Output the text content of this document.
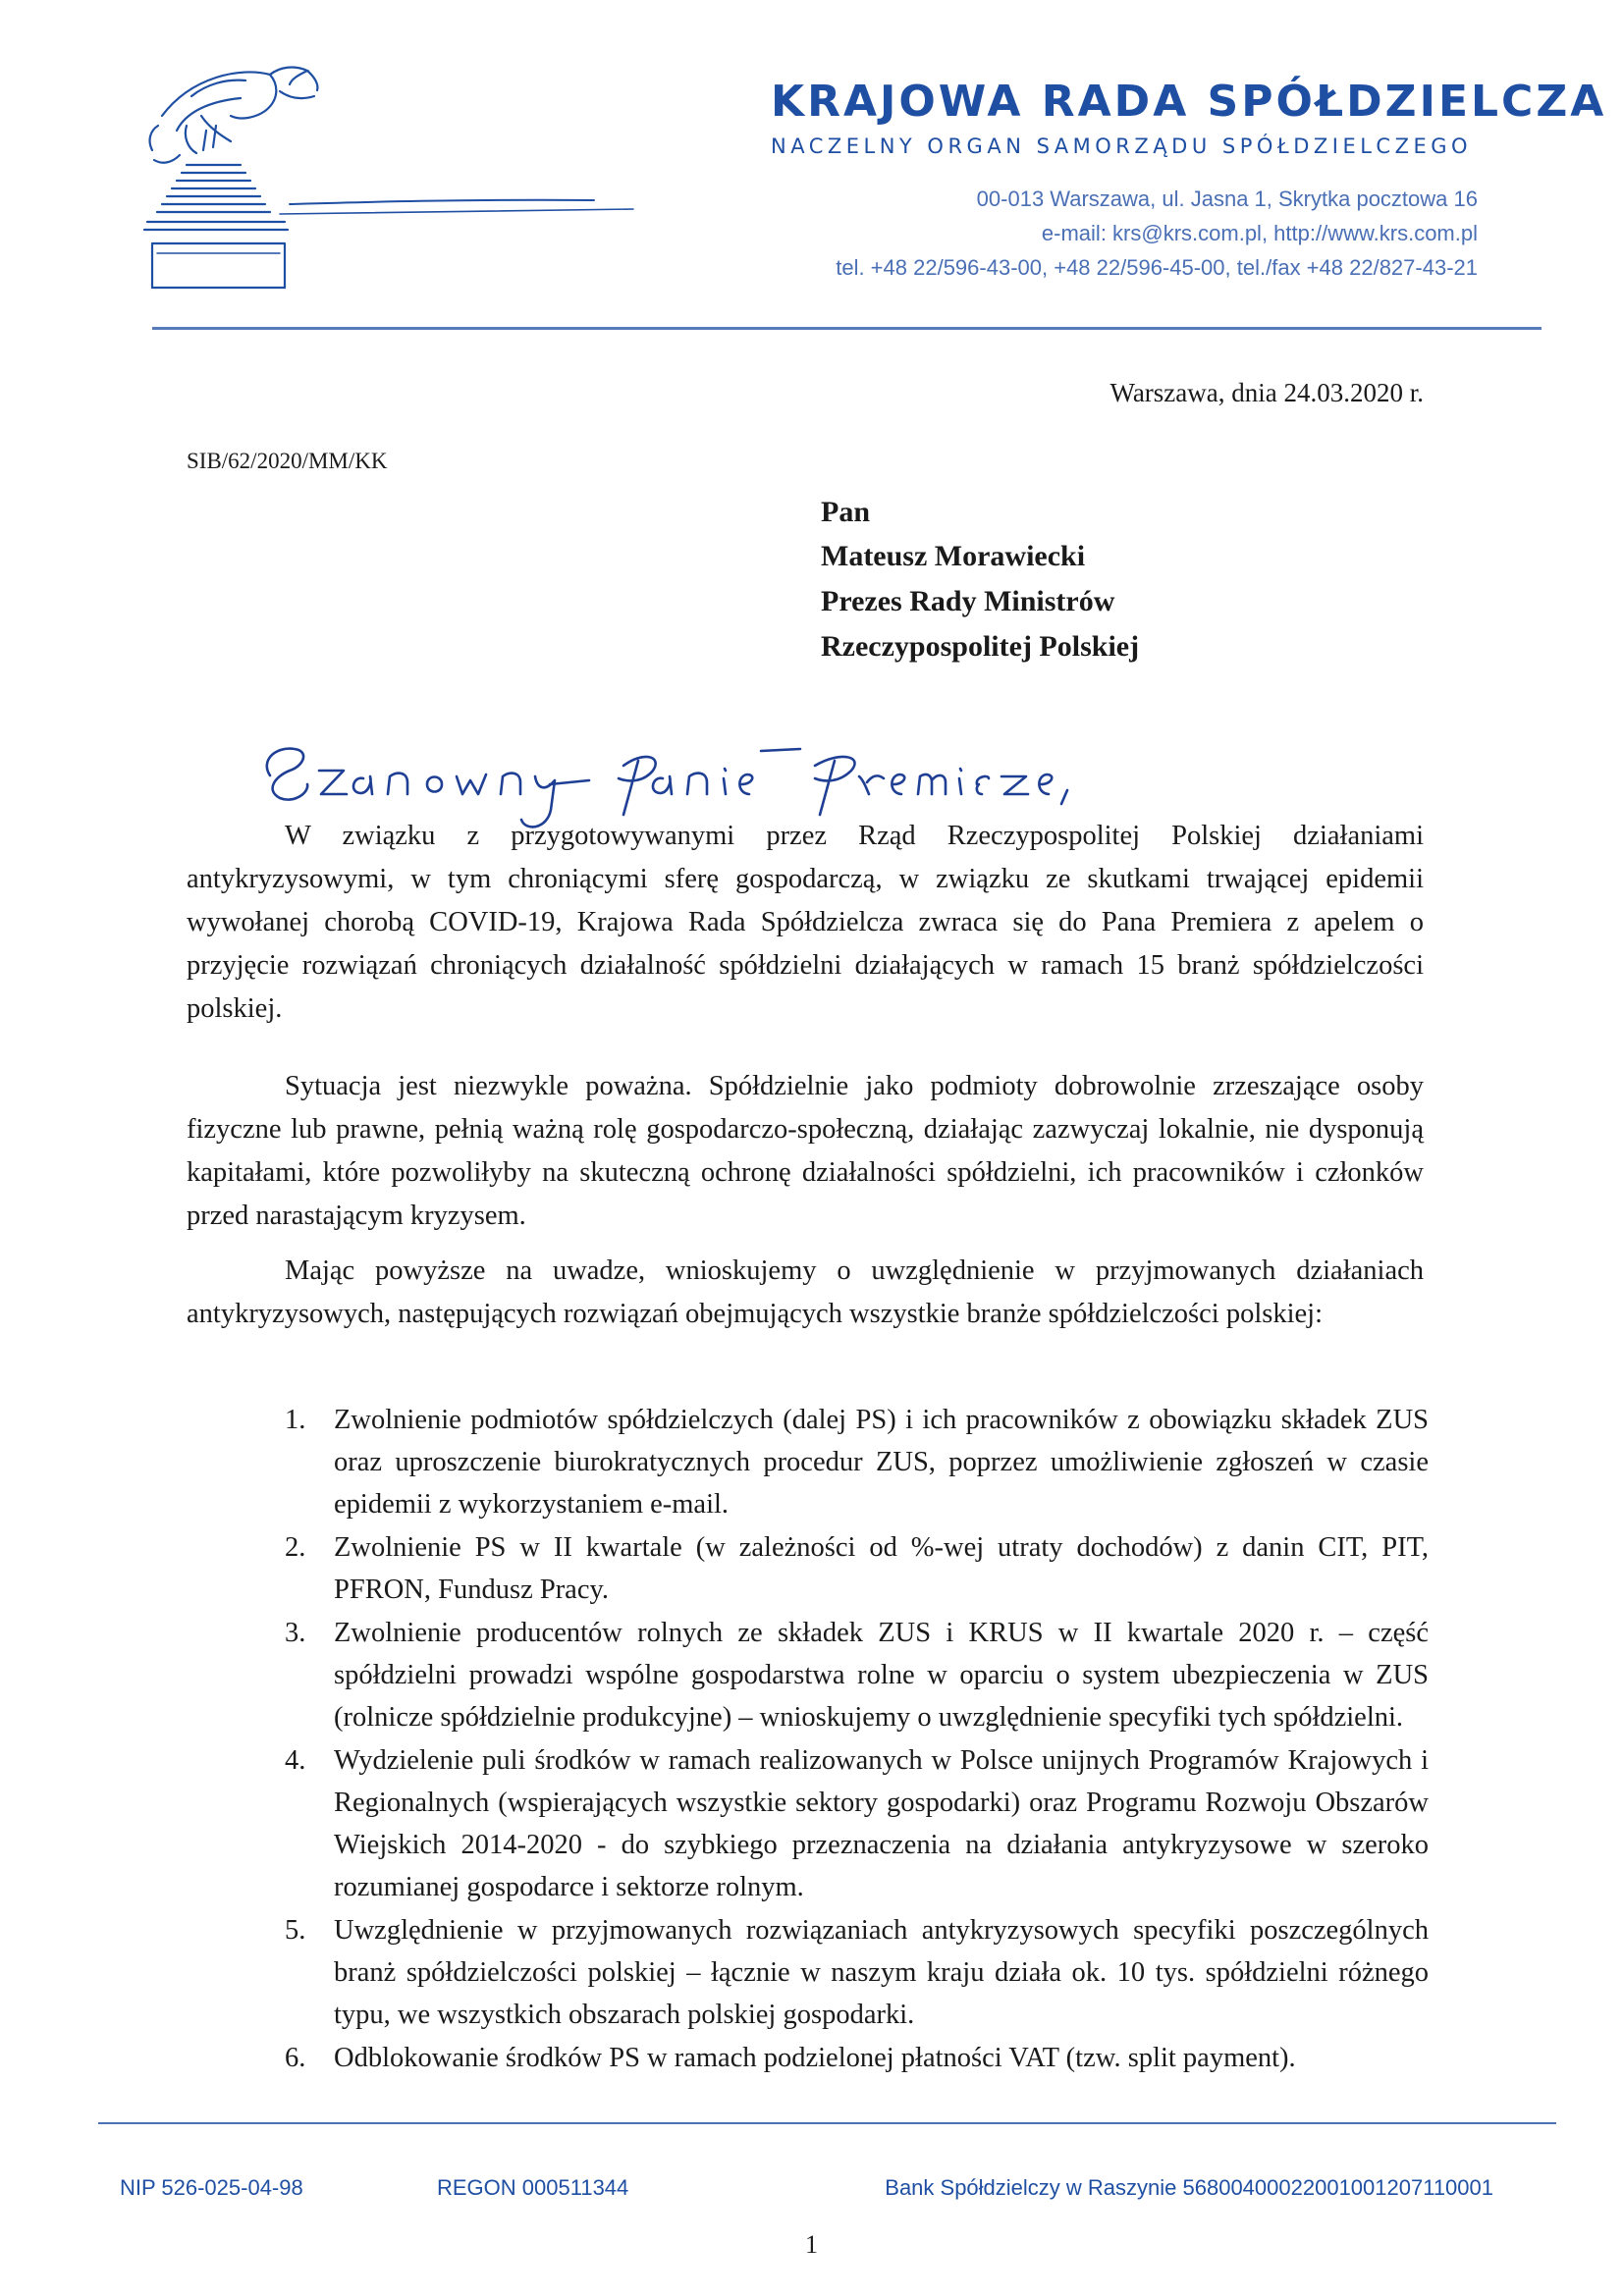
KRAJOWA RADA SPÓŁDZIELCZA
NACZELNY ORGAN SAMORZĄDU SPÓŁDZIELCZEGO
00-013 Warszawa, ul. Jasna 1, Skrytka pocztowa 16
e-mail: krs@krs.com.pl, http://www.krs.com.pl
tel. +48 22/596-43-00, +48 22/596-45-00, tel./fax +48 22/827-43-21
Warszawa, dnia 24.03.2020 r.
SIB/62/2020/MM/KK
Pan
Mateusz Morawiecki
Prezes Rady Ministrów
Rzeczypospolitej Polskiej
W związku z przygotowywanymi przez Rząd Rzeczypospolitej Polskiej działaniami antykryzysowymi, w tym chroniącymi sferę gospodarczą, w związku ze skutkami trwającej epidemii wywołanej chorobą COVID-19, Krajowa Rada Spółdzielcza zwraca się do Pana Premiera z apelem o przyjęcie rozwiązań chroniących działalność spółdzielni działających w ramach 15 branż spółdzielczości polskiej.
Sytuacja jest niezwykle poważna. Spółdzielnie jako podmioty dobrowolnie zrzeszające osoby fizyczne lub prawne, pełnią ważną rolę gospodarczo-społeczną, działając zazwyczaj lokalnie, nie dysponują kapitałami, które pozwoliłyby na skuteczną ochronę działalności spółdzielni, ich pracowników i członków przed narastającym kryzysem.
Mając powyższe na uwadze, wnioskujemy o uwzględnienie w przyjmowanych działaniach antykryzysowych, następujących rozwiązań obejmujących wszystkie branże spółdzielczości polskiej:
1. Zwolnienie podmiotów spółdzielczych (dalej PS) i ich pracowników z obowiązku składek ZUS oraz uproszczenie biurokratycznych procedur ZUS, poprzez umożliwienie zgłoszeń w czasie epidemii z wykorzystaniem e-mail.
2. Zwolnienie PS w II kwartale (w zależności od %-wej utraty dochodów) z danin CIT, PIT, PFRON, Fundusz Pracy.
3. Zwolnienie producentów rolnych ze składek ZUS i KRUS w II kwartale 2020 r. – część spółdzielni prowadzi wspólne gospodarstwa rolne w oparciu o system ubezpieczenia w ZUS (rolnicze spółdzielnie produkcyjne) – wnioskujemy o uwzględnienie specyfiki tych spółdzielni.
4. Wydzielenie puli środków w ramach realizowanych w Polsce unijnych Programów Krajowych i Regionalnych (wspierających wszystkie sektory gospodarki) oraz Programu Rozwoju Obszarów Wiejskich 2014-2020 - do szybkiego przeznaczenia na działania antykryzysowe w szeroko rozumianej gospodarce i sektorze rolnym.
5. Uwzględnienie w przyjmowanych rozwiązaniach antykryzysowych specyfiki poszczególnych branż spółdzielczości polskiej – łącznie w naszym kraju działa ok. 10 tys. spółdzielni różnego typu, we wszystkich obszarach polskiej gospodarki.
6. Odblokowanie środków PS w ramach podzielonej płatności VAT (tzw. split payment).
NIP 526-025-04-98	REGON 000511344	Bank Spółdzielczy w Raszynie 56800400022001001207110001
1
